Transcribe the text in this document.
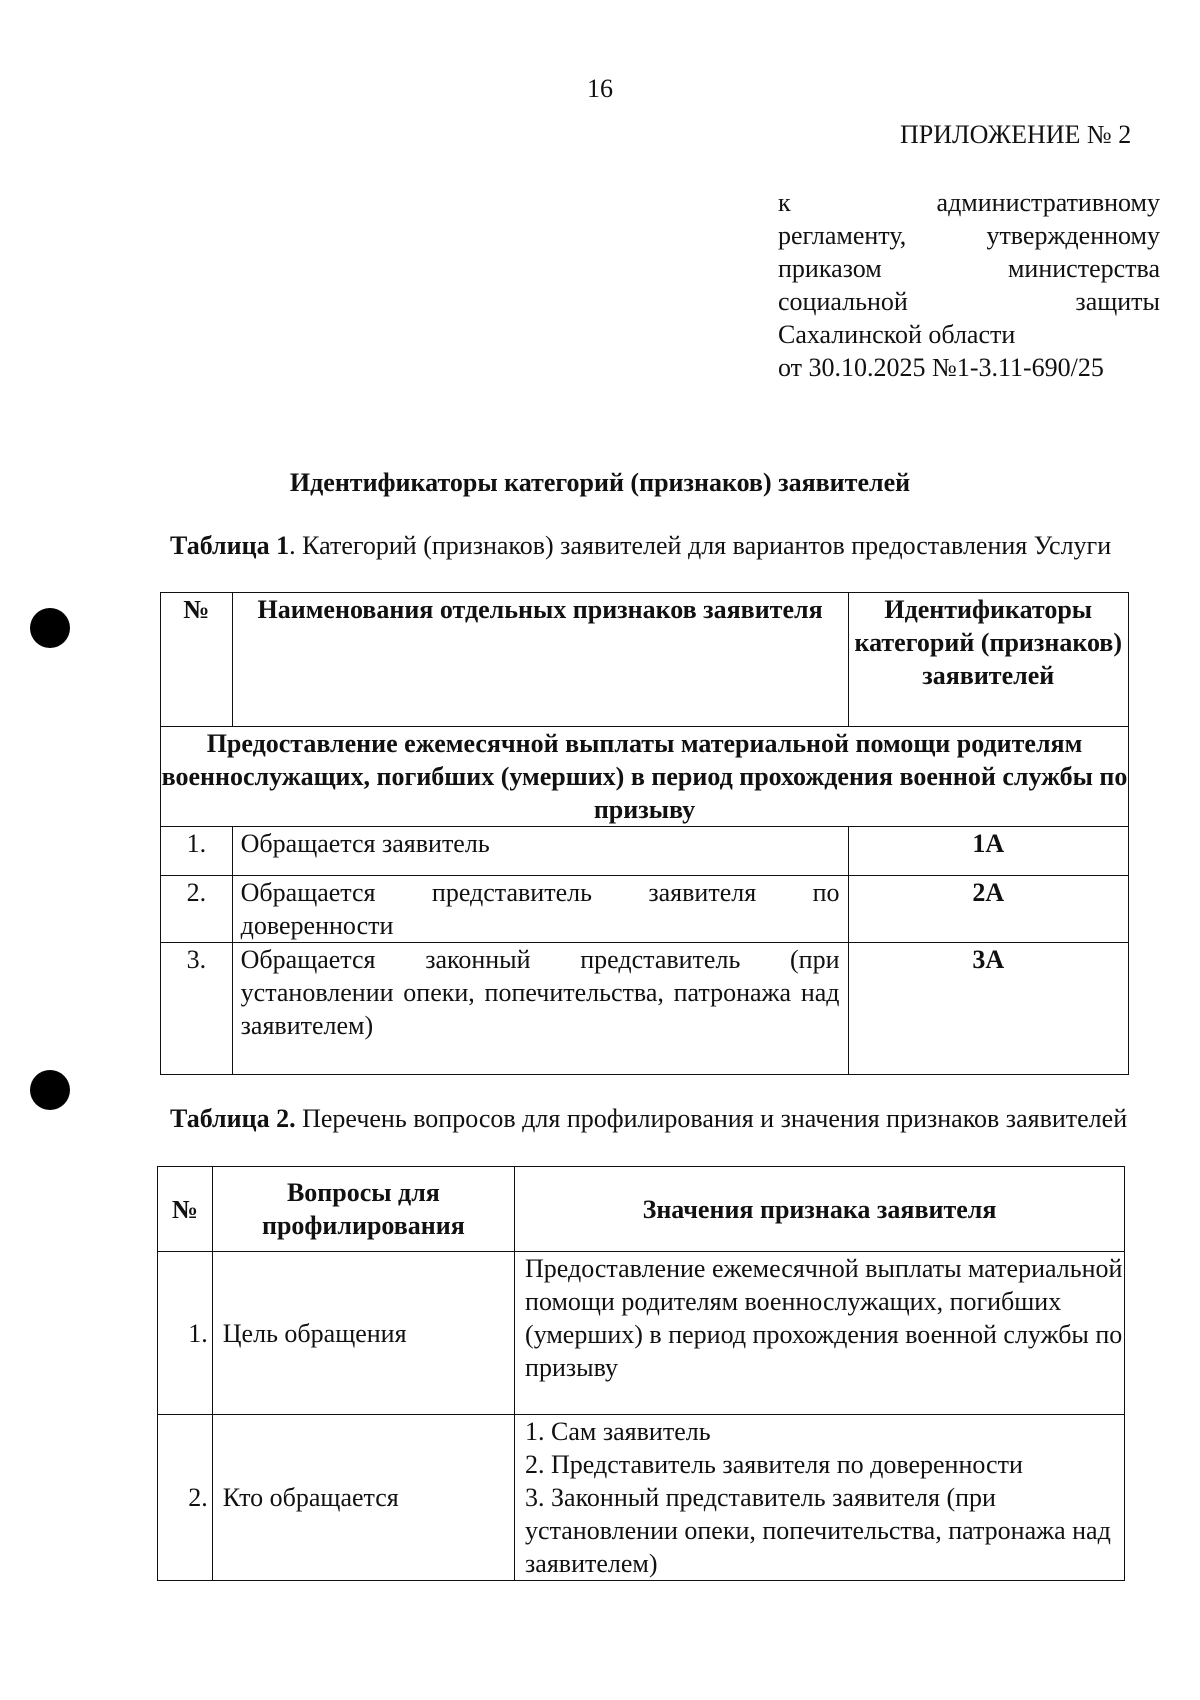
16
ПРИЛОЖЕНИЕ № 2
к административному
регламенту, утвержденному
приказом министерства
социальной защиты
Сахалинской области
от 30.10.2025 №1-3.11-690/25
Идентификаторы категорий (признаков) заявителей
Таблица 1. Категорий (признаков) заявителей для вариантов предоставления Услуги
№	Наименования отдельных признаков заявителя	Идентификаторы категорий (признаков) заявителей
Предоставление ежемесячной выплаты материальной помощи родителям военнослужащих, погибших (умерших) в период прохождения военной службы по призыву		
1.	Обращается заявитель	1А
2.	Обращается представитель заявителя по доверенности	2А
3.	Обращается законный представитель (при установлении опеки, попечительства, патронажа над заявителем)	3А
Таблица 2. Перечень вопросов для профилирования и значения признаков заявителей
№	Вопросы для профилирования	Значения признака заявителя
1.	Цель обращения	Предоставление ежемесячной выплаты материальной помощи родителям военнослужащих, погибших (умерших) в период прохождения военной службы по призыву

2.	Кто обращается	1. Сам заявитель
2. Представитель заявителя по доверенности
3. Законный представитель заявителя (при установлении опеки, попечительства, патронажа над заявителем)
